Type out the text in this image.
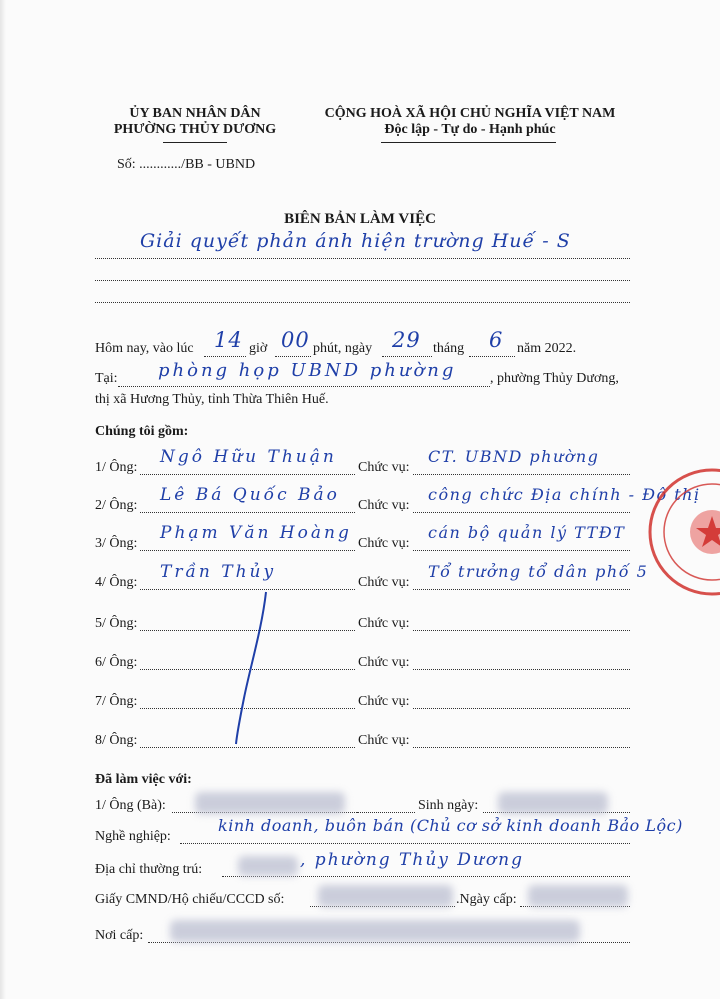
ỦY BAN NHÂN DÂN
PHƯỜNG THỦY DƯƠNG
CỘNG HOÀ XÃ HỘI CHỦ NGHĨA VIỆT NAM
Độc lập - Tự do - Hạnh phúc
Số: ............/BB - UBND
BIÊN BẢN LÀM VIỆC
Giải quyết phản ánh hiện trường Huế - S
Hôm nay, vào lúc 14 giờ 00 phút, ngày 29 tháng 6 năm 2022.
Tại: phòng họp UBND phường , phường Thủy Dương,
thị xã Hương Thủy, tỉnh Thừa Thiên Huế.
Chúng tôi gồm:
1/ Ông:
Ngô Hữu Thuận
Chức vụ:
CT. UBND phường
2/ Ông:
Lê Bá Quốc Bảo
Chức vụ:
công chức Địa chính - Đô thị
3/ Ông:
Phạm Văn Hoàng
Chức vụ:
cán bộ quản lý TTĐT
4/ Ông:
Trần Thủy
Chức vụ:
Tổ trưởng tổ dân phố 5
5/ Ông:	Chức vụ:
6/ Ông:	Chức vụ:
7/ Ông:	Chức vụ:
8/ Ông:	Chức vụ:
Đã làm việc với:
1/ Ông (Bà):	Sinh ngày:
Nghề nghiệp:
kinh doanh, buôn bán (Chủ cơ sở kinh doanh Bảo Lộc)
Địa chỉ thường trú:	, phường Thủy Dương
Giấy CMND/Hộ chiếu/CCCD số:	.Ngày cấp:
Nơi cấp:
